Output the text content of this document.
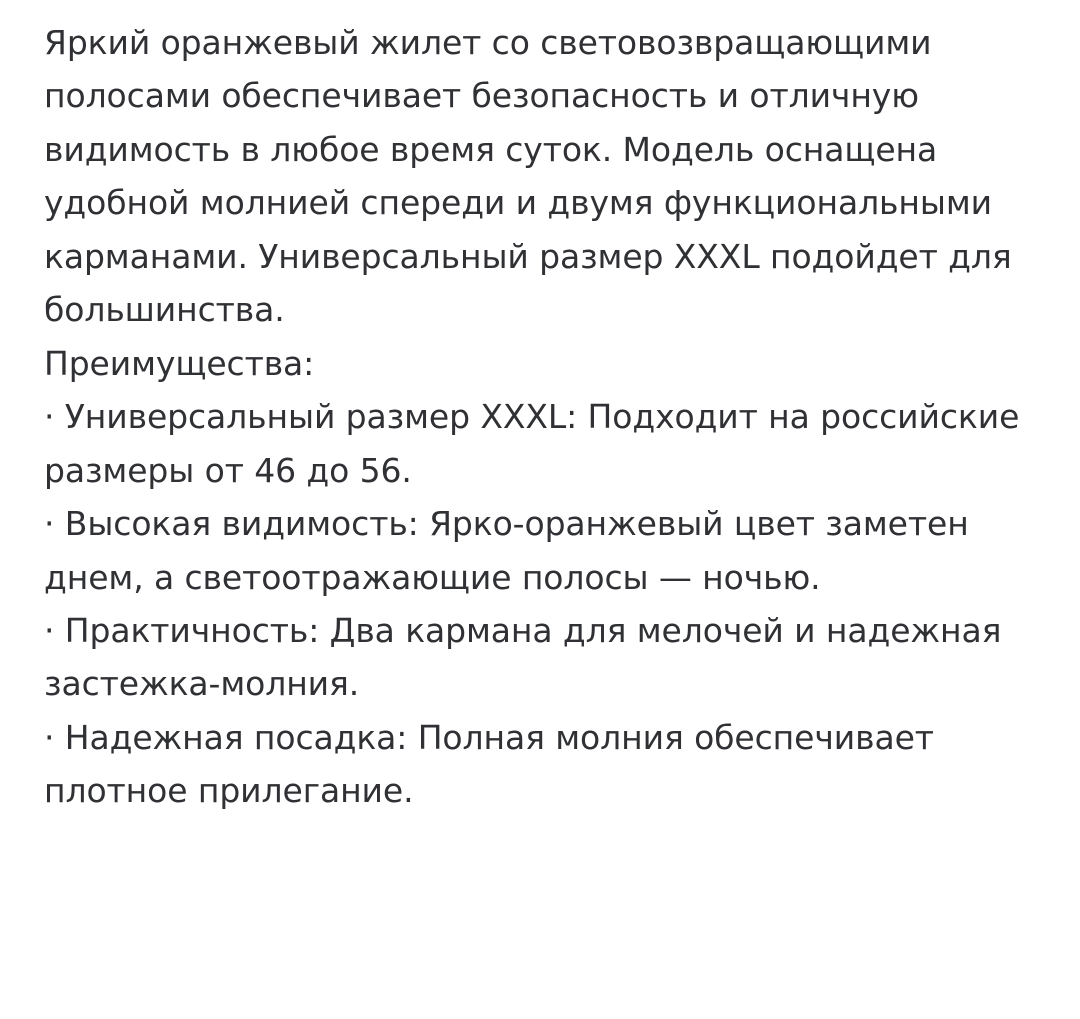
Яркий оранжевый жилет со световозвращающими полосами обеспечивает безопасность и отличную видимость в любое время суток. Модель оснащена удобной молнией спереди и двумя функциональными карманами. Универсальный размер XXXL подойдет для большинства.

Преимущества:

· Универсальный размер XXXL: Подходит на российские размеры от 46 до 56.
· Высокая видимость: Ярко-оранжевый цвет заметен днем, а светоотражающие полосы — ночью.
· Практичность: Два кармана для мелочей и надежная застежка-молния.
· Надежная посадка: Полная молния обеспечивает плотное прилегание.
